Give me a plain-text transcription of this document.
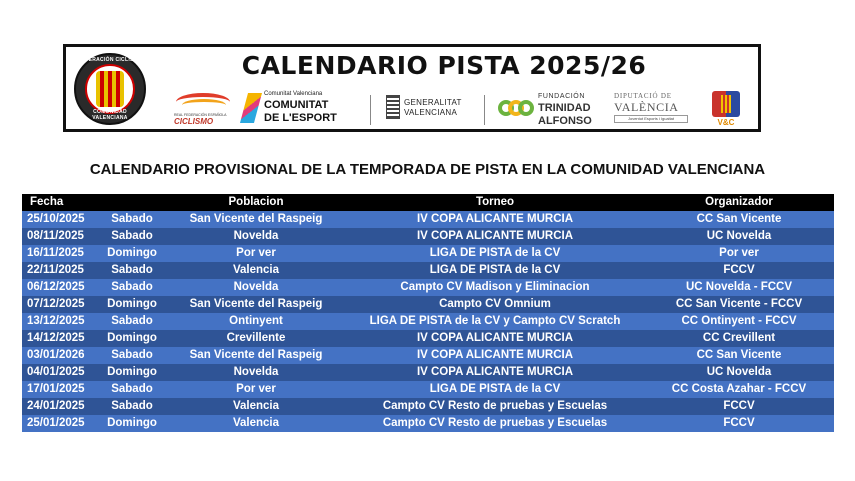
FEDERACIÓN CICLISMO
COMUNIDAD VALENCIANA
CALENDARIO PISTA 2025/26
REAL FEDERACIÓN ESPAÑOLA
CICLISMO
Comunitat Valenciana
COMUNITAT
DE L'ESPORT
GENERALITAT
VALENCIANA
FUNDACIÓN
TRINIDAD
ALFONSO
DIPUTACIÓ DE
VALÈNCIA
Joventut Esports i Igualtat	V&C
CALENDARIO PROVISIONAL DE LA TEMPORADA DE PISTA EN LA COMUNIDAD VALENCIANA
Fecha		Poblacion	Torneo	Organizador
25/10/2025	Sabado	San Vicente del Raspeig	IV COPA ALICANTE MURCIA	CC San Vicente
08/11/2025	Sabado	Novelda	IV COPA ALICANTE MURCIA	UC Novelda
16/11/2025	Domingo	Por ver	LIGA DE PISTA de la CV	Por ver
22/11/2025	Sabado	Valencia	LIGA DE PISTA de la CV	FCCV
06/12/2025	Sabado	Novelda	Campto CV Madison y Eliminacion	UC Novelda - FCCV
07/12/2025	Domingo	San Vicente del Raspeig	Campto CV Omnium	CC San Vicente - FCCV
13/12/2025	Sabado	Ontinyent	LIGA DE PISTA de la CV y Campto CV Scratch	CC Ontinyent - FCCV
14/12/2025	Domingo	Crevillente	IV COPA ALICANTE MURCIA	CC Crevillent
03/01/2026	Sabado	San Vicente del Raspeig	IV COPA ALICANTE MURCIA	CC San Vicente
04/01/2025	Domingo	Novelda	IV COPA ALICANTE MURCIA	UC Novelda
17/01/2025	Sabado	Por ver	LIGA DE PISTA de la CV	CC Costa Azahar - FCCV
24/01/2025	Sabado	Valencia	Campto CV Resto de pruebas y Escuelas	FCCV
25/01/2025	Domingo	Valencia	Campto CV Resto de pruebas y Escuelas	FCCV
